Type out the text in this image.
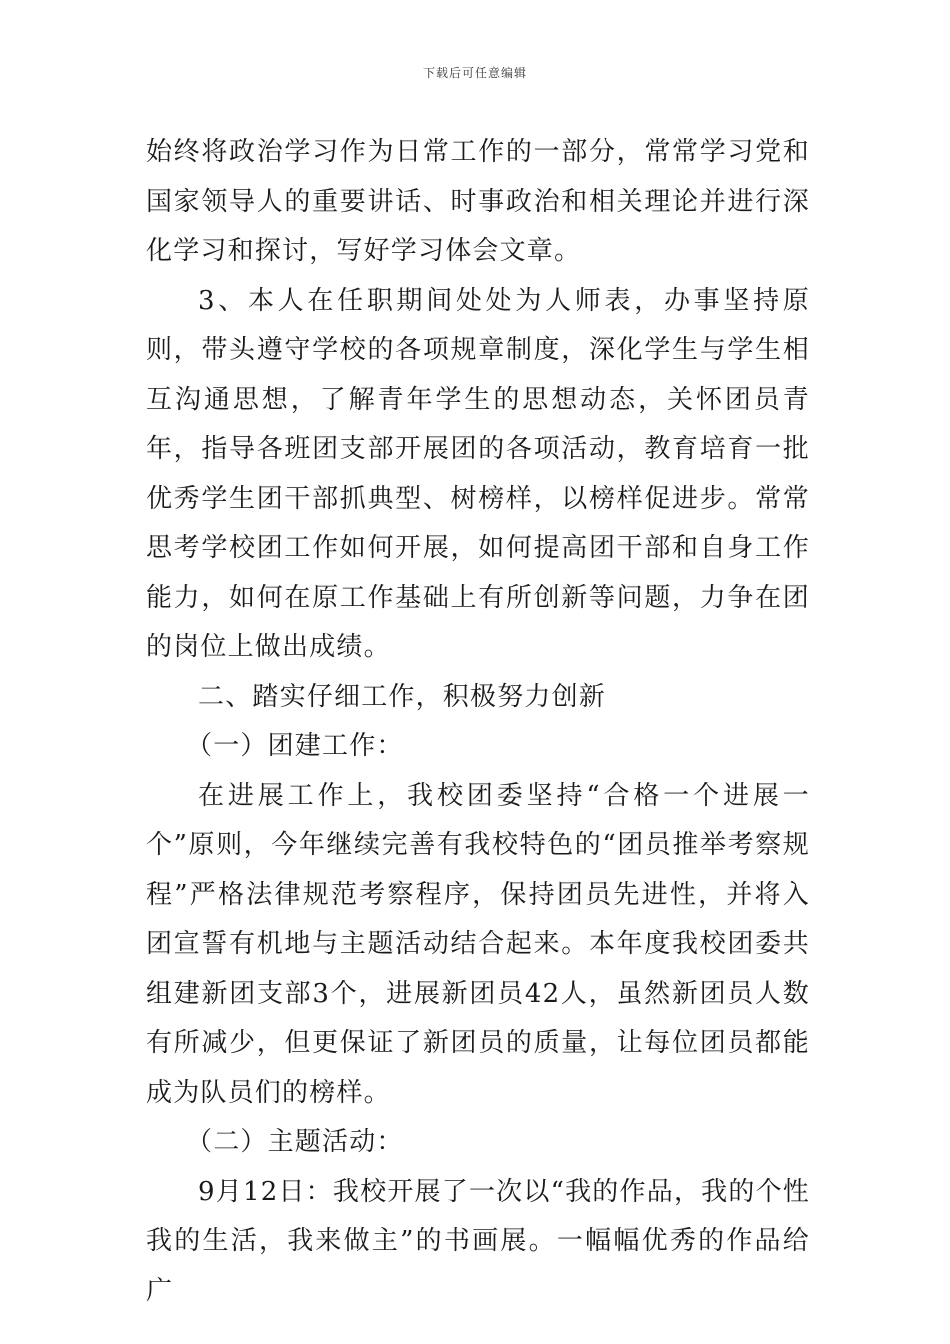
下载后可任意编辑

始终将政治学习作为日常工作的一部分，常常学习党和国家领导人的重要讲话、时事政治和相关理论并进行深化学习和探讨，写好学习体会文章。

3、本人在任职期间处处为人师表，办事坚持原则，带头遵守学校的各项规章制度，深化学生与学生相互沟通思想，了解青年学生的思想动态，关怀团员青年，指导各班团支部开展团的各项活动，教育培育一批优秀学生团干部抓典型、树榜样，以榜样促进步。常常思考学校团工作如何开展，如何提高团干部和自身工作能力，如何在原工作基础上有所创新等问题，力争在团的岗位上做出成绩。

二、踏实仔细工作，积极努力创新

（一）团建工作：

在进展工作上，我校团委坚持“合格一个进展一个”原则，今年继续完善有我校特色的“团员推举考察规程”严格法律规范考察程序，保持团员先进性，并将入团宣誓有机地与主题活动结合起来。本年度我校团委共组建新团支部3个，进展新团员42人，虽然新团员人数有所减少，但更保证了新团员的质量，让每位团员都能成为队员们的榜样。

（二）主题活动：

9月12日：我校开展了一次以“我的作品，我的个性我的生活，我来做主”的书画展。一幅幅优秀的作品给广
